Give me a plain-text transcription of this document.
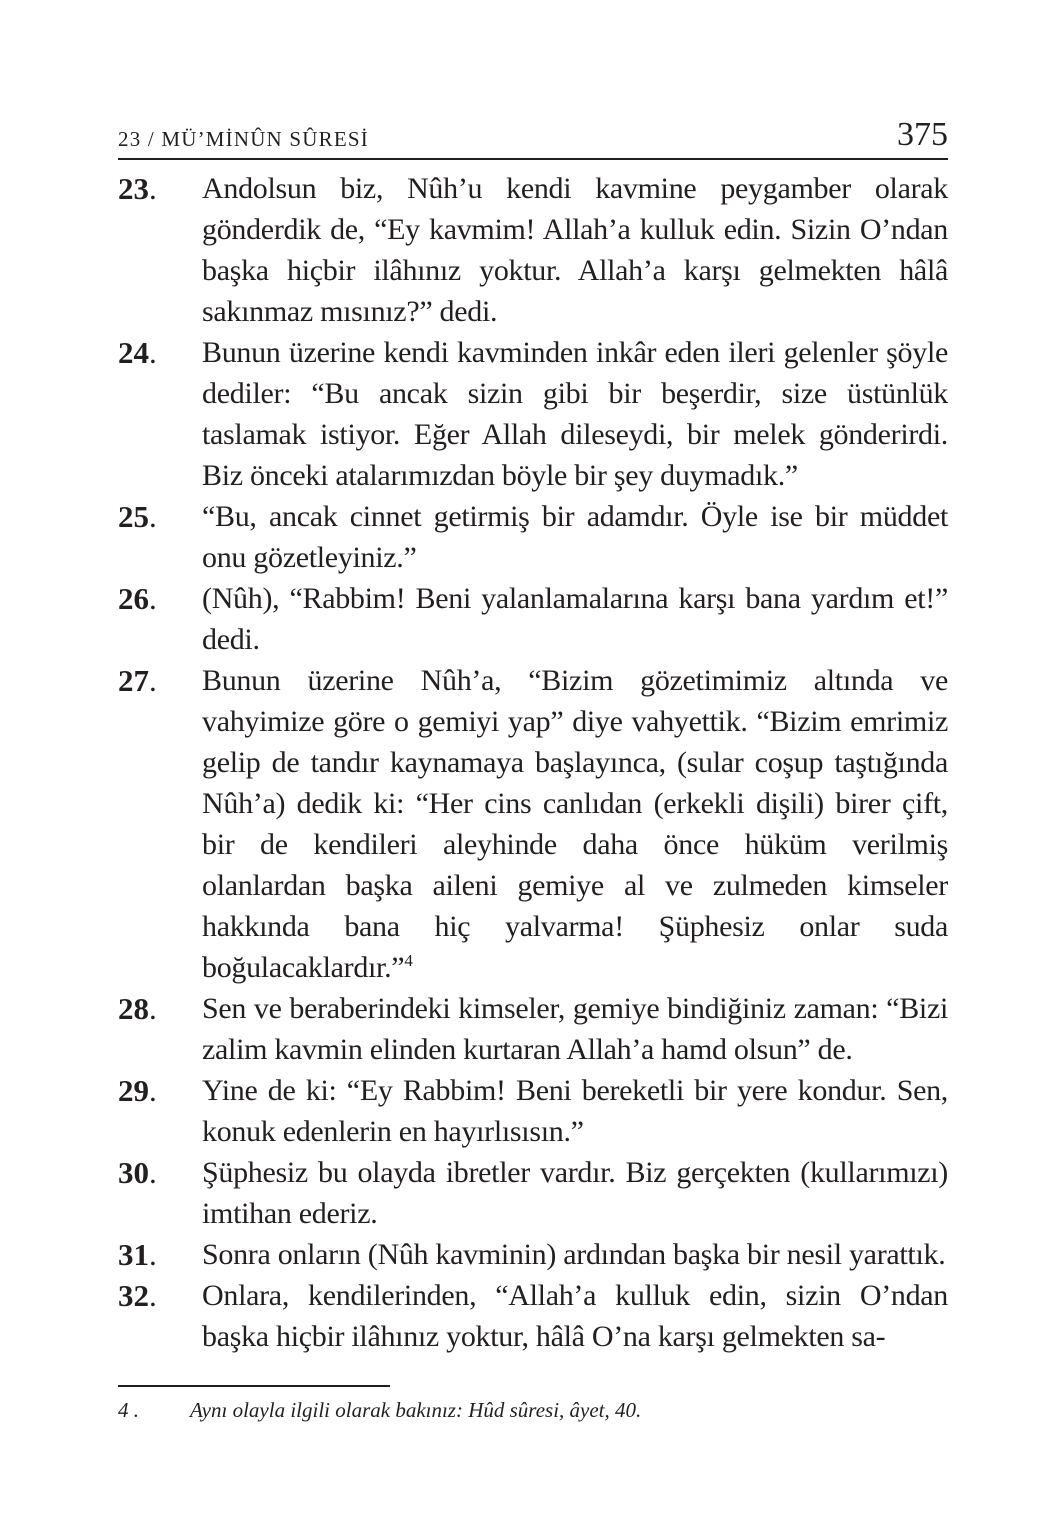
23 / MÜ’MİNÛN SÛRESİ	375
23.	Andolsun biz, Nûh’u kendi kavmine peygamber olarak gönderdik de, “Ey kavmim! Allah’a kulluk edin. Sizin O’ndan başka hiçbir ilâhınız yoktur. Allah’a karşı gelmekten hâlâ sakınmaz mısınız?” dedi.

24.	Bunun üzerine kendi kavminden inkâr eden ileri gelenler şöyle dediler: “Bu ancak sizin gibi bir beşerdir, size üstünlük taslamak istiyor. Eğer Allah dileseydi, bir melek gönderirdi. Biz önceki atalarımızdan böyle bir şey duymadık.”

25.	“Bu, ancak cinnet getirmiş bir adamdır. Öyle ise bir müddet onu gözetleyiniz.”

26.	(Nûh), “Rabbim! Beni yalanlamalarına karşı bana yardım et!” dedi.

27.	Bunun üzerine Nûh’a, “Bizim gözetimimiz altında ve vahyimize göre o gemiyi yap” diye vahyettik. “Bizim emrimiz gelip de tandır kaynamaya başlayınca, (sular coşup taştığında Nûh’a) dedik ki: “Her cins canlıdan (erkekli dişili) birer çift, bir de kendileri aleyhinde daha önce hüküm verilmiş olanlardan başka aileni gemiye al ve zulmeden kimseler hakkında bana hiç yalvarma! Şüphesiz onlar suda boğulacaklardır.”$^4$

28.	Sen ve beraberindeki kimseler, gemiye bindiğiniz zaman: “Bizi zalim kavmin elinden kurtaran Allah’a hamd olsun” de.

29.	Yine de ki: “Ey Rabbim! Beni bereketli bir yere kondur. Sen, konuk edenlerin en hayırlısısın.”

30.	Şüphesiz bu olayda ibretler vardır. Biz gerçekten (kullarımızı) imtihan ederiz.

31.	Sonra onların (Nûh kavminin) ardından başka bir nesil yarattık.

32.	Onlara, kendilerinden, “Allah’a kulluk edin, sizin O’ndan başka hiçbir ilâhınız yoktur, hâlâ O’na karşı gelmekten sa-

4 .	Aynı olayla ilgili olarak bakınız: Hûd sûresi, âyet, 40.
